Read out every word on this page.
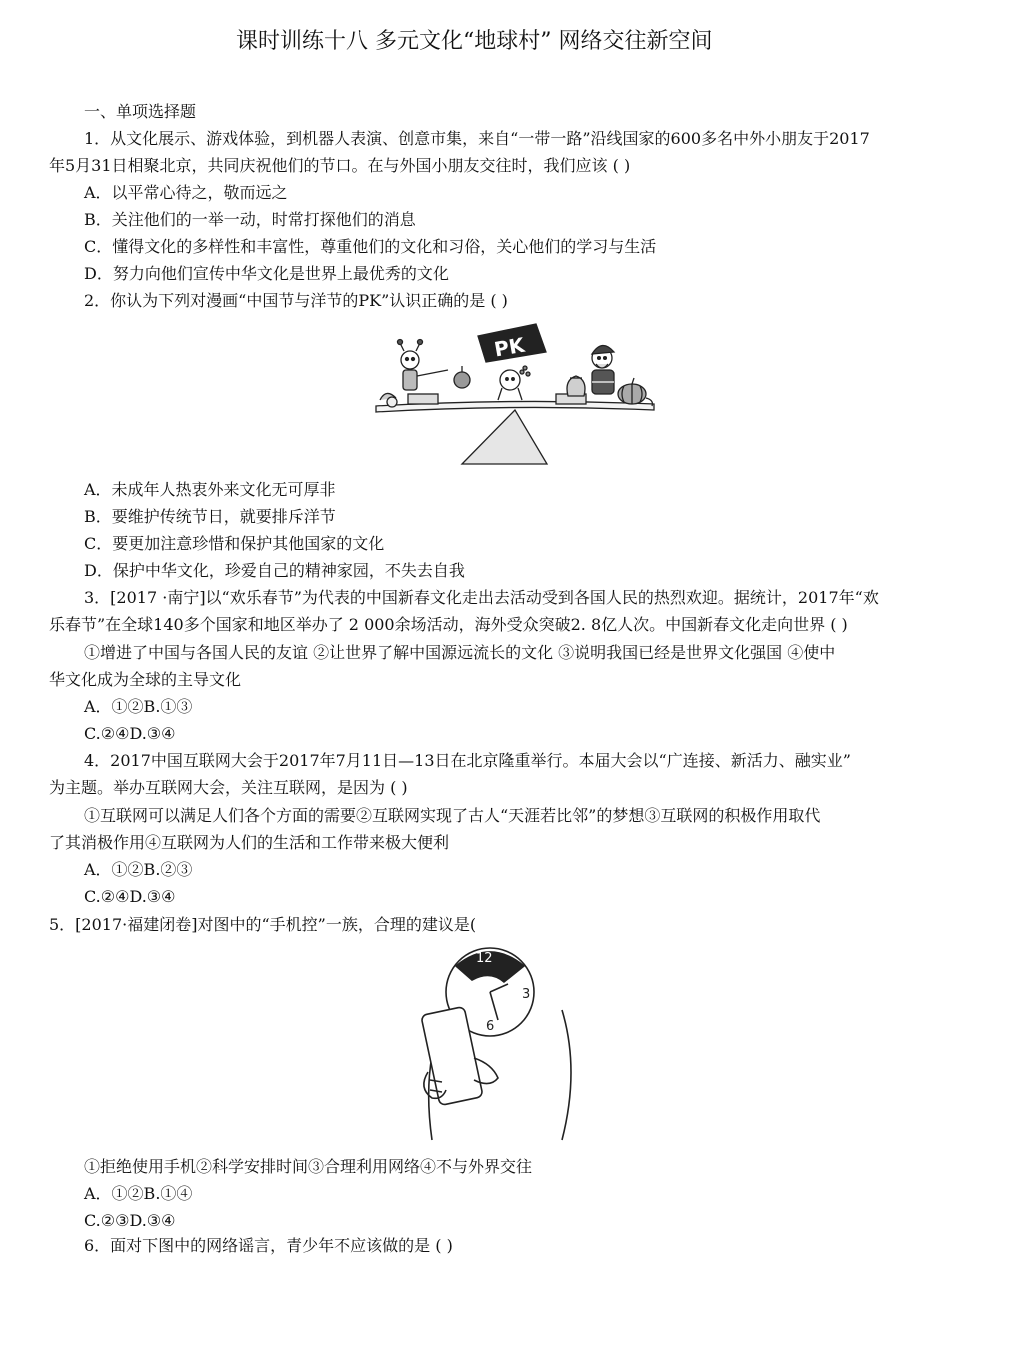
课时训练十八 多元文化“地球村” 网络交往新空间
一、单项选择题
1．从文化展示、游戏体验，到机器人表演、创意市集，来自“一带一路”沿线国家的600多名中外小朋友于2017
年5月31日相聚北京，共同庆祝他们的节口。在与外国小朋友交往时，我们应该 ( )
A．以平常心待之，敬而远之
B．关注他们的一举一动，时常打探他们的消息
C．懂得文化的多样性和丰富性，尊重他们的文化和习俗，关心他们的学习与生活
D．努力向他们宣传中华文化是世界上最优秀的文化
2．你认为下列对漫画“中国节与洋节的PK”认识正确的是 ( )
PK
A．未成年人热衷外来文化无可厚非
B．要维护传统节日，就要排斥洋节
C．要更加注意珍惜和保护其他国家的文化
D．保护中华文化，珍爱自己的精神家园，不失去自我
3．[2017 ·南宁]以“欢乐春节”为代表的中国新春文化走出去活动受到各国人民的热烈欢迎。据统计，2017年“欢
乐春节”在全球140多个国家和地区举办了 2 000余场活动，海外受众突破2. 8亿人次。中国新春文化走向世界 ( )
①增进了中国与各国人民的友谊 ②让世界了解中国源远流长的文化 ③说明我国已经是世界文化强国 ④使中
华文化成为全球的主导文化
A．①②B.①③
C.②④D.③④
4．2017中国互联网大会于2017年7月11日—13日在北京隆重举行。本届大会以“广连接、新活力、融实业”
为主题。举办互联网大会，关注互联网，是因为 ( )
①互联网可以满足人们各个方面的需要②互联网实现了古人“天涯若比邻”的梦想③互联网的积极作用取代
了其消极作用④互联网为人们的生活和工作带来极大便利
A．①②B.②③
C.②④D.③④
5．[2017·福建闭卷]对图中的“手机控”一族，合理的建议是(
12
3
6
①拒绝使用手机②科学安排时间③合理利用网络④不与外界交往
A．①②B.①④
C.②③D.③④
6．面对下图中的网络谣言，青少年不应该做的是 ( )
